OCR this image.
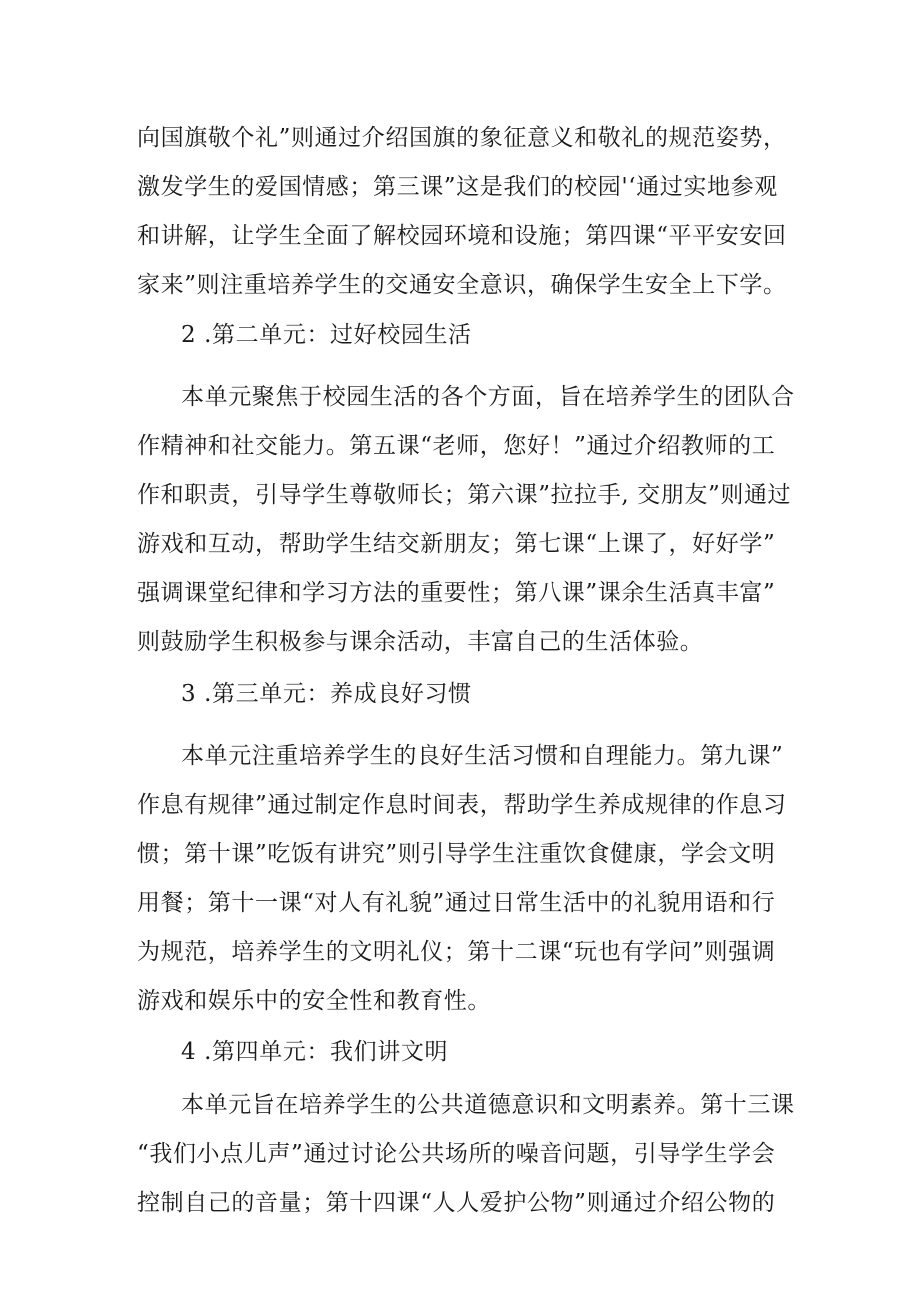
向国旗敬个礼”则通过介绍国旗的象征意义和敬礼的规范姿势，
激发学生的爱国情感；第三课”这是我们的校园'‘通过实地参观
和讲解，让学生全面了解校园环境和设施；第四课“平平安安回
家来”则注重培养学生的交通安全意识，确保学生安全上下学。
2 .第二单元：过好校园生活
本单元聚焦于校园生活的各个方面，旨在培养学生的团队合
作精神和社交能力。第五课“老师，您好！”通过介绍教师的工
作和职责，引导学生尊敬师长；第六课”拉拉手, 交朋友”则通过
游戏和互动，帮助学生结交新朋友；第七课“上课了，好好学”
强调课堂纪律和学习方法的重要性；第八课”课余生活真丰富”
则鼓励学生积极参与课余活动，丰富自己的生活体验。
3 .第三单元：养成良好习惯
本单元注重培养学生的良好生活习惯和自理能力。第九课”
作息有规律”通过制定作息时间表，帮助学生养成规律的作息习
惯；第十课”吃饭有讲究”则引导学生注重饮食健康，学会文明
用餐；第十一课“对人有礼貌”通过日常生活中的礼貌用语和行
为规范，培养学生的文明礼仪；第十二课“玩也有学问”则强调
游戏和娱乐中的安全性和教育性。
4 .第四单元：我们讲文明
本单元旨在培养学生的公共道德意识和文明素养。第十三课
“我们小点儿声”通过讨论公共场所的噪音问题，引导学生学会
控制自己的音量；第十四课“人人爱护公物”则通过介绍公物的
